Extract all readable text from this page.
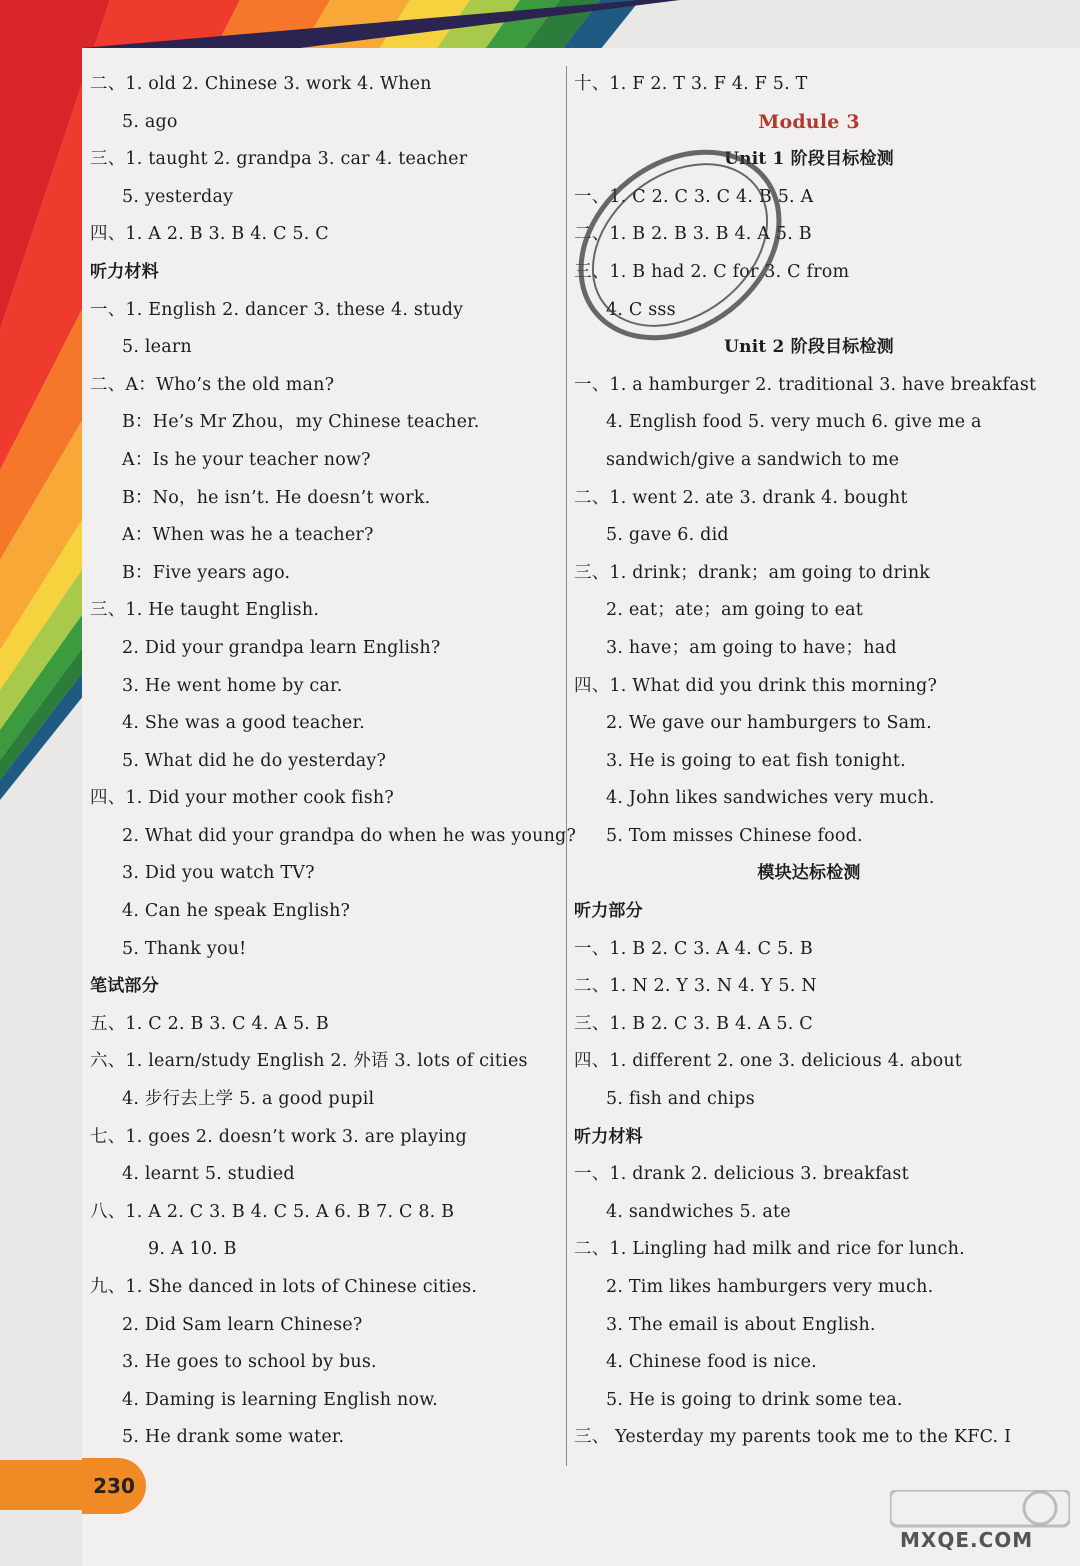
二、1. old 2. Chinese 3. work 4. When
5. ago
三、1. taught 2. grandpa 3. car 4. teacher
5. yesterday
四、1. A 2. B 3. B 4. C 5. C
听力材料
一、1. English 2. dancer 3. these 4. study
5. learn
二、A：Who’s the old man?
B：He’s Mr Zhou，my Chinese teacher.
A：Is he your teacher now?
B：No，he isn’t. He doesn’t work.
A：When was he a teacher?
B：Five years ago.
三、1. He taught English.
2. Did your grandpa learn English?
3. He went home by car.
4. She was a good teacher.
5. What did he do yesterday?
四、1. Did your mother cook fish?
2. What did your grandpa do when he was young?
3. Did you watch TV?
4. Can he speak English?
5. Thank you!
笔试部分
五、1. C 2. B 3. C 4. A 5. B
六、1. learn/study English 2. 外语 3. lots of cities
4. 步行去上学 5. a good pupil
七、1. goes 2. doesn’t work 3. are playing
4. learnt 5. studied
八、1. A 2. C 3. B 4. C 5. A 6. B 7. C 8. B
9. A 10. B
九、1. She danced in lots of Chinese cities.
2. Did Sam learn Chinese?
3. He goes to school by bus.
4. Daming is learning English now.
5. He drank some water.
十、1. F 2. T 3. F 4. F 5. T
Module 3
Unit 1 阶段目标检测
一、1. C 2. C 3. C 4. B 5. A
二、1. B 2. B 3. B 4. A 5. B
三、1. B had 2. C for 3. C from
4. C sss
Unit 2 阶段目标检测
一、1. a hamburger 2. traditional 3. have breakfast
4. English food 5. very much 6. give me a
sandwich/give a sandwich to me
二、1. went 2. ate 3. drank 4. bought
5. gave 6. did
三、1. drink；drank；am going to drink
2. eat；ate；am going to eat
3. have；am going to have；had
四、1. What did you drink this morning?
2. We gave our hamburgers to Sam.
3. He is going to eat fish tonight.
4. John likes sandwiches very much.
5. Tom misses Chinese food.
模块达标检测
听力部分
一、1. B 2. C 3. A 4. C 5. B
二、1. N 2. Y 3. N 4. Y 5. N
三、1. B 2. C 3. B 4. A 5. C
四、1. different 2. one 3. delicious 4. about
5. fish and chips
听力材料
一、1. drank 2. delicious 3. breakfast
4. sandwiches 5. ate
二、1. Lingling had milk and rice for lunch.
2. Tim likes hamburgers very much.
3. The email is about English.
4. Chinese food is nice.
5. He is going to drink some tea.
三、 Yesterday my parents took me to the KFC. I
230
MXQE.COM
